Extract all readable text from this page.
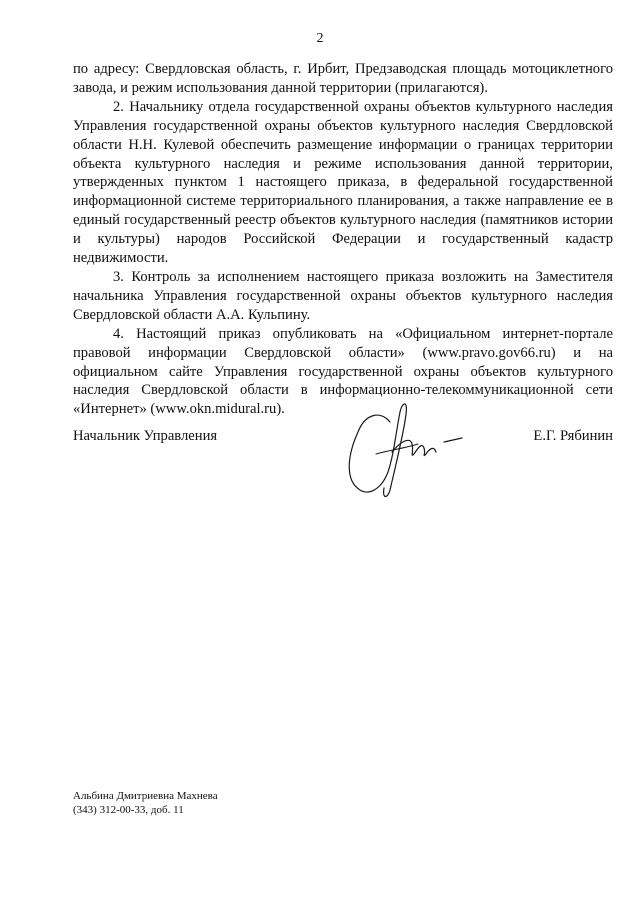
2

по адресу: Свердловская область, г. Ирбит, Предзаводская площадь мотоциклетного завода, и режим использования данной территории (прилагаются).

2. Начальнику отдела государственной охраны объектов культурного наследия Управления государственной охраны объектов культурного наследия Свердловской области Н.Н. Кулевой обеспечить размещение информации о границах территории объекта культурного наследия и режиме использования данной территории, утвержденных пунктом 1 настоящего приказа, в федеральной государственной информационной системе территориального планирования, а также направление ее в единый государственный реестр объектов культурного наследия (памятников истории и культуры) народов Российской Федерации и государственный кадастр недвижимости.

3. Контроль за исполнением настоящего приказа возложить на Заместителя начальника Управления государственной охраны объектов культурного наследия Свердловской области А.А. Кульпину.

4. Настоящий приказ опубликовать на «Официальном интернет-портале правовой информации Свердловской области» (www.pravo.gov66.ru) и на официальном сайте Управления государственной охраны объектов культурного наследия Свердловской области в информационно-телекоммуникационной сети «Интернет» (www.okn.midural.ru).

Начальник Управления	Е.Г. Рябинин
Альбина Дмитриевна Махнева
(343) 312-00-33, доб. 11
